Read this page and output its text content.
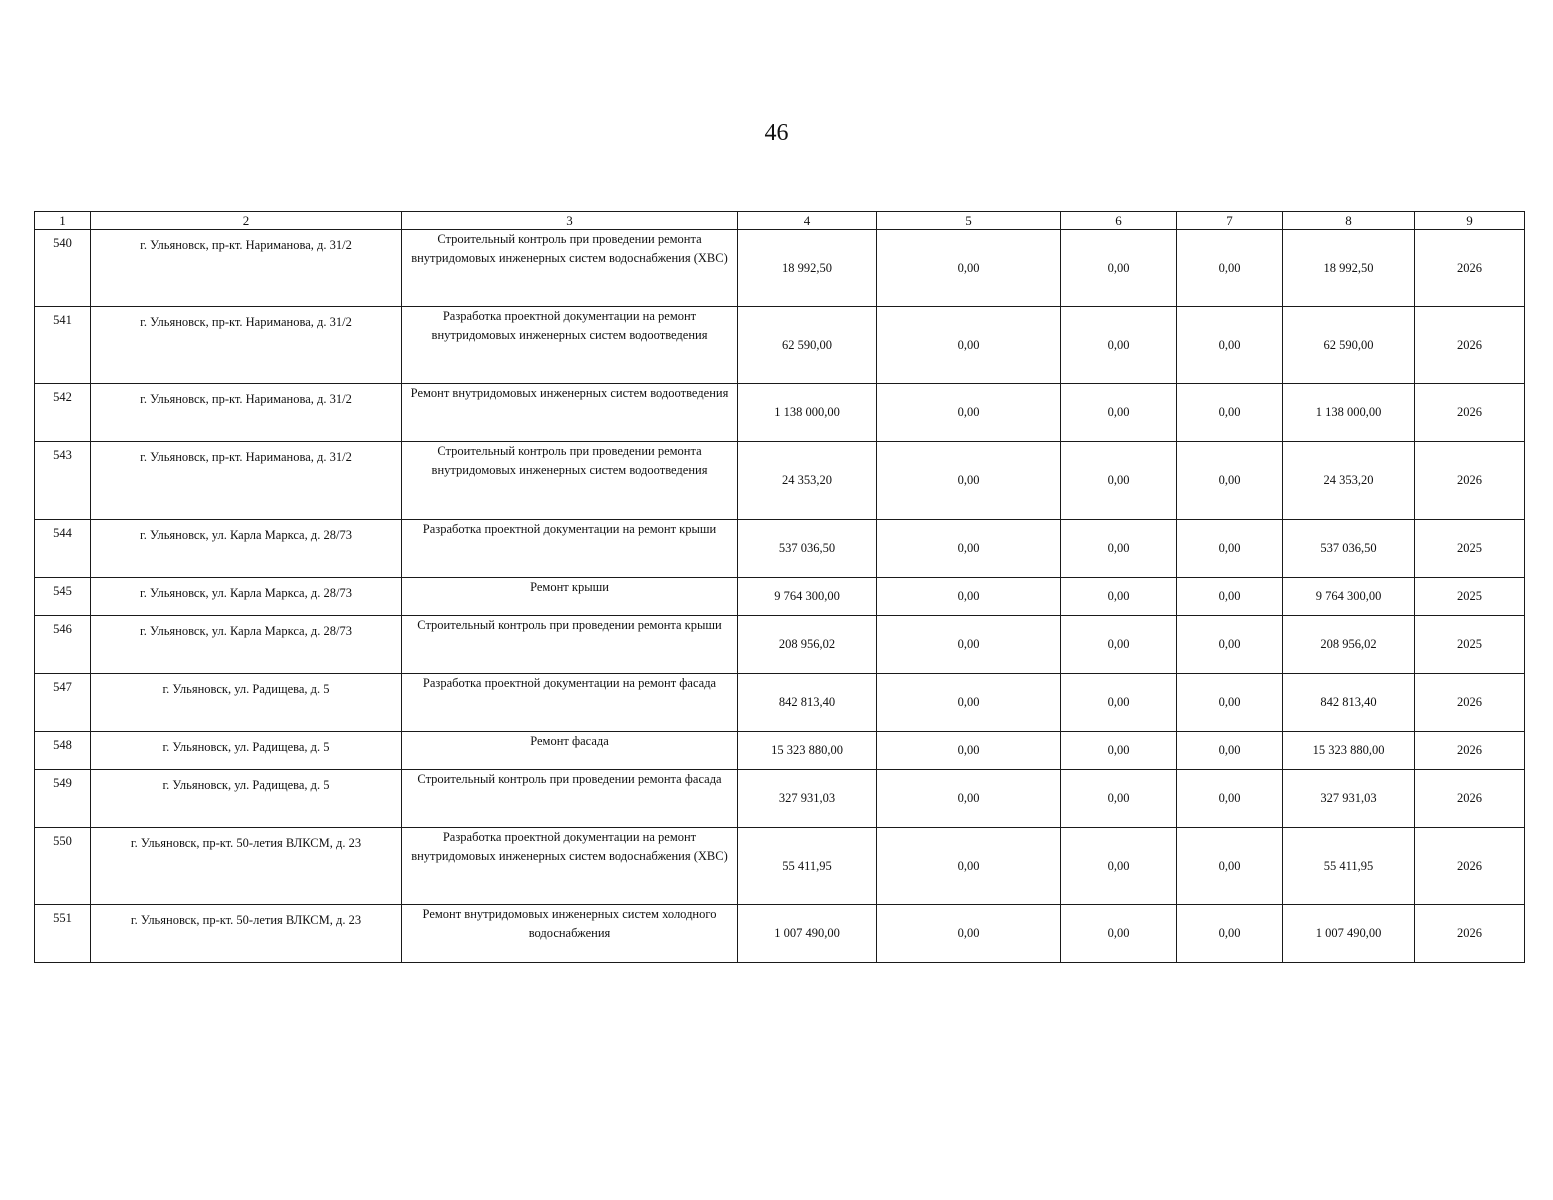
46
1	2	3	4	5	6	7	8	9
540	г. Ульяновск, пр-кт. Нариманова, д. 31/2	Строительный контроль при проведении ремонта внутридомовых инженерных систем водоснабжения (ХВС)	18 992,50	0,00	0,00	0,00	18 992,50	2026
541	г. Ульяновск, пр-кт. Нариманова, д. 31/2	Разработка проектной документации на ремонт внутридомовых инженерных систем водоотведения	62 590,00	0,00	0,00	0,00	62 590,00	2026
542	г. Ульяновск, пр-кт. Нариманова, д. 31/2	Ремонт внутридомовых инженерных систем водоотведения	1 138 000,00	0,00	0,00	0,00	1 138 000,00	2026
543	г. Ульяновск, пр-кт. Нариманова, д. 31/2	Строительный контроль при проведении ремонта внутридомовых инженерных систем водоотведения	24 353,20	0,00	0,00	0,00	24 353,20	2026
544	г. Ульяновск, ул. Карла Маркса, д. 28/73	Разработка проектной документации на ремонт крыши	537 036,50	0,00	0,00	0,00	537 036,50	2025
545	г. Ульяновск, ул. Карла Маркса, д. 28/73	Ремонт крыши	9 764 300,00	0,00	0,00	0,00	9 764 300,00	2025
546	г. Ульяновск, ул. Карла Маркса, д. 28/73	Строительный контроль при проведении ремонта крыши	208 956,02	0,00	0,00	0,00	208 956,02	2025
547	г. Ульяновск, ул. Радищева, д. 5	Разработка проектной документации на ремонт фасада	842 813,40	0,00	0,00	0,00	842 813,40	2026
548	г. Ульяновск, ул. Радищева, д. 5	Ремонт фасада	15 323 880,00	0,00	0,00	0,00	15 323 880,00	2026
549	г. Ульяновск, ул. Радищева, д. 5	Строительный контроль при проведении ремонта фасада	327 931,03	0,00	0,00	0,00	327 931,03	2026
550	г. Ульяновск, пр-кт. 50-летия ВЛКСМ, д. 23	Разработка проектной документации на ремонт внутридомовых инженерных систем водоснабжения (ХВС)	55 411,95	0,00	0,00	0,00	55 411,95	2026
551	г. Ульяновск, пр-кт. 50-летия ВЛКСМ, д. 23	Ремонт внутридомовых инженерных систем холодного водоснабжения	1 007 490,00	0,00	0,00	0,00	1 007 490,00	2026
